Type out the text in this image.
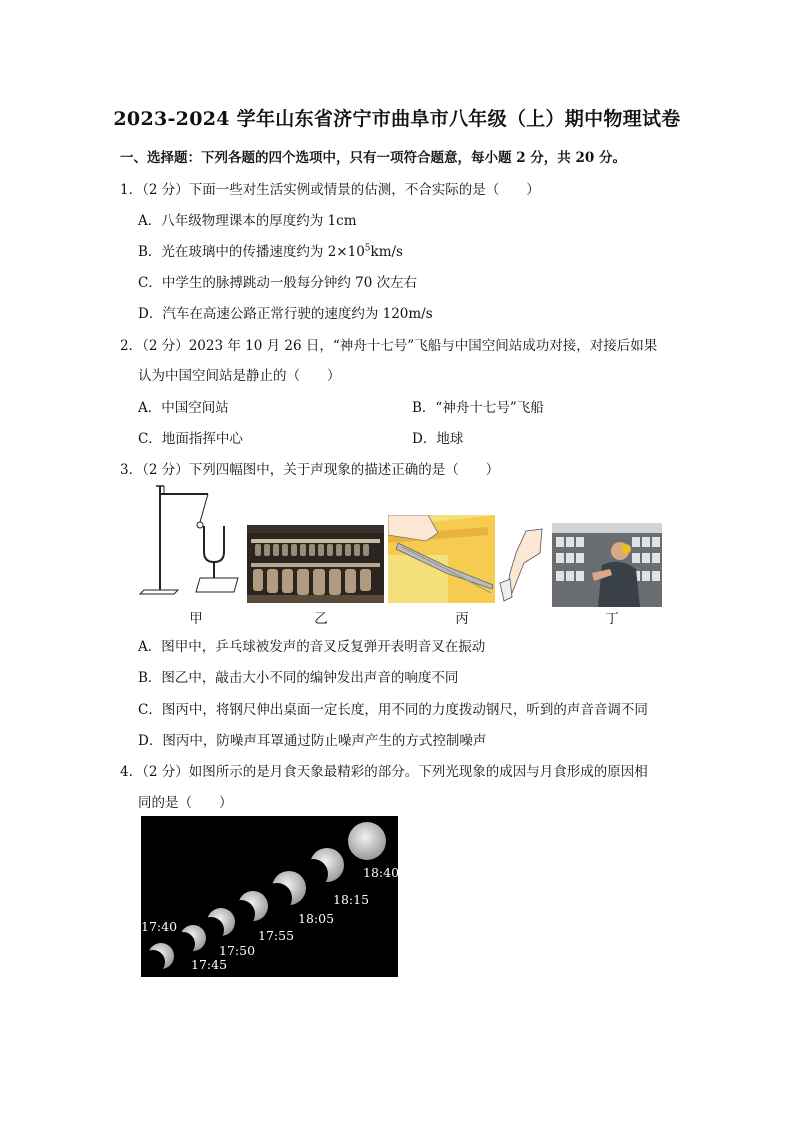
2023-2024 学年山东省济宁市曲阜市八年级（上）期中物理试卷
一、选择题：下列各题的四个选项中，只有一项符合题意，每小题 2 分，共 20 分。
1．（2 分）下面一些对生活实例或情景的估测，不合实际的是（　　）
A．八年级物理课本的厚度约为 1cm
B．光在玻璃中的传播速度约为 $2\times 10^5km/s$
C．中学生的脉搏跳动一般每分钟约 70 次左右
D．汽车在高速公路正常行驶的速度约为 120m/s
2．（2 分）2023 年 10 月 26 日，“神舟十七号”飞船与中国空间站成功对接，对接后如果
认为中国空间站是静止的（　　）
A．中国空间站	B．“神舟十七号”飞船
C．地面指挥中心	D．地球
3．（2 分）下列四幅图中，关于声现象的描述正确的是（　　）
甲	乙	丙	丁
A．图甲中，乒乓球被发声的音叉反复弹开表明音叉在振动
B．图乙中，敲击大小不同的编钟发出声音的响度不同
C．图丙中，将钢尺伸出桌面一定长度，用不同的力度拨动钢尺，听到的声音音调不同
D．图丙中，防噪声耳罩通过防止噪声产生的方式控制噪声
4．（2 分）如图所示的是月食天象最精彩的部分。下列光现象的成因与月食形成的原因相
同的是（　　）
18:40
18:15
18:05
17:55
17:50
17:45
17:40
